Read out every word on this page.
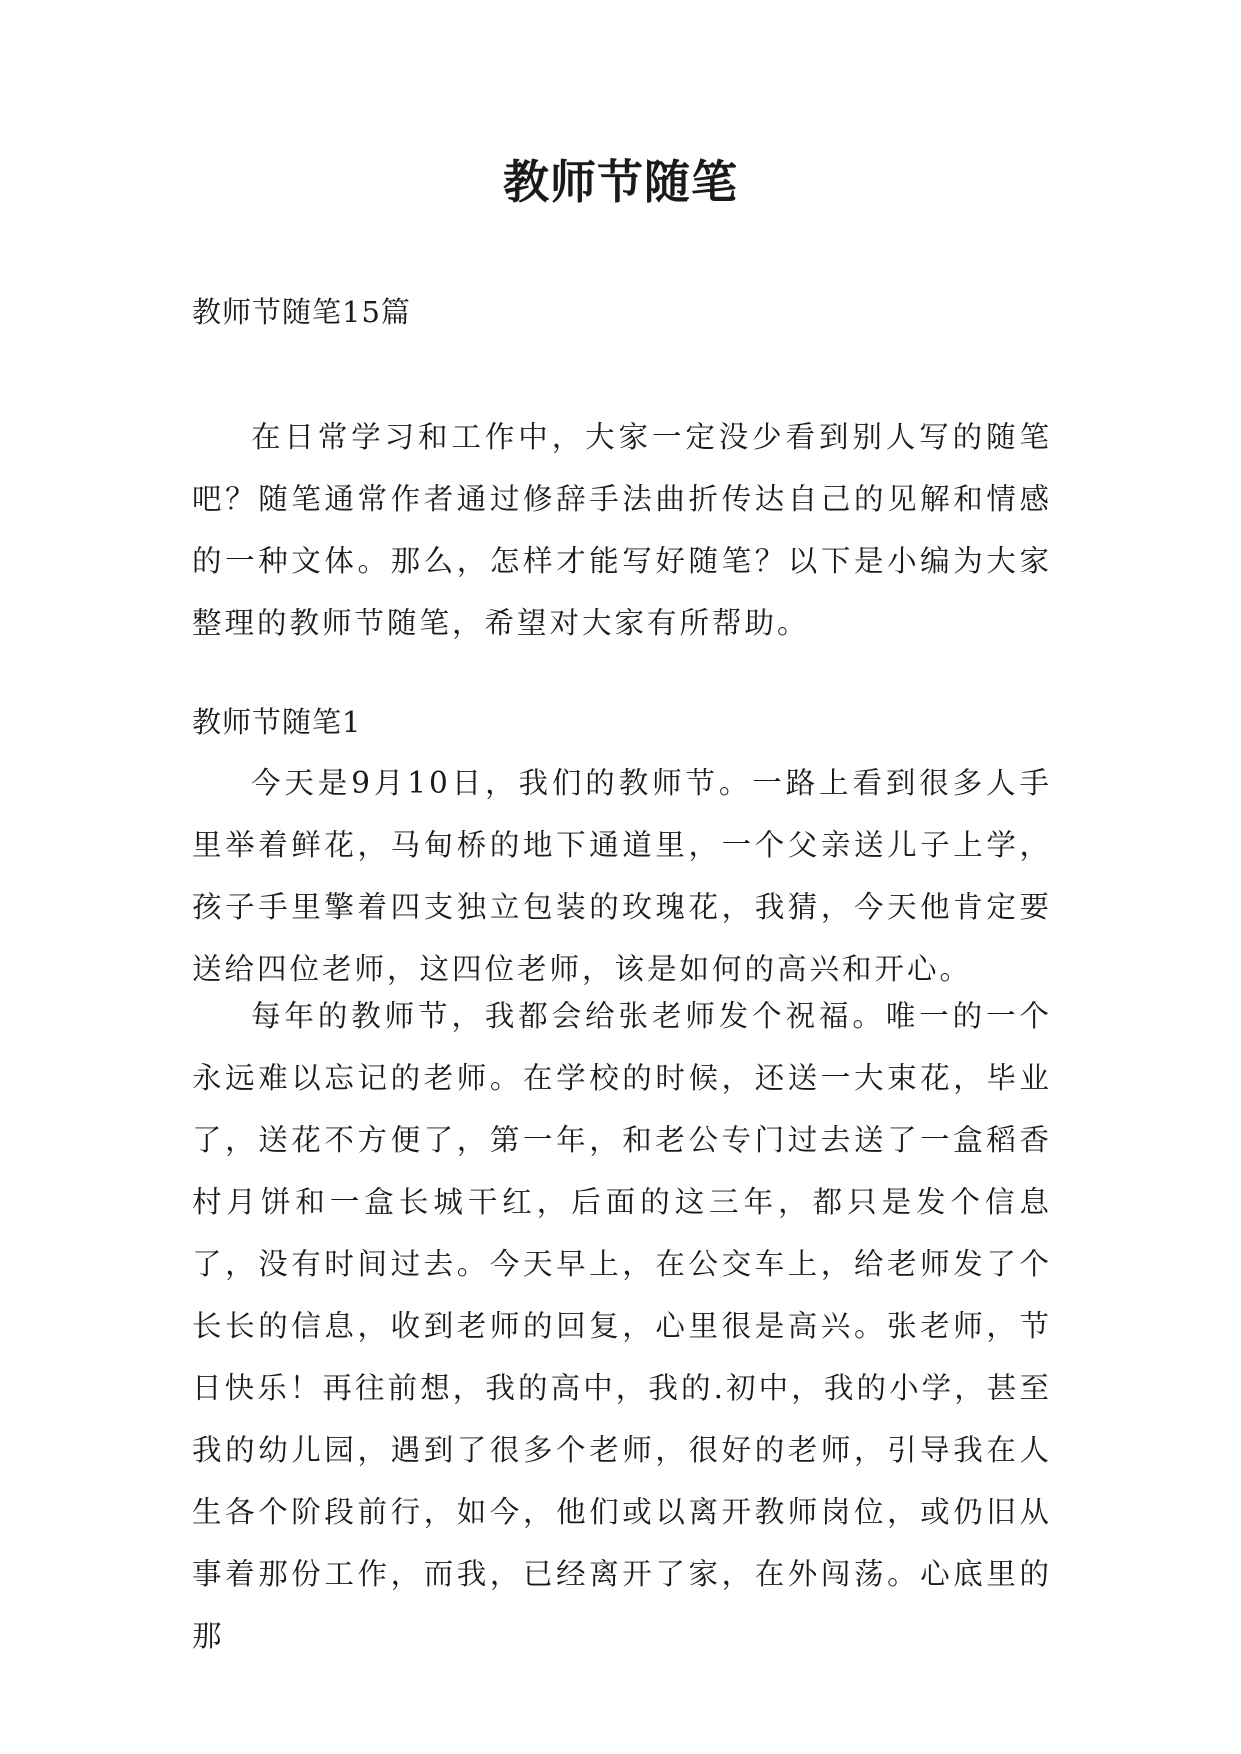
教师节随笔

教师节随笔15篇

在日常学习和工作中，大家一定没少看到别人写的随笔吧？随笔通常作者通过修辞手法曲折传达自己的见解和情感的一种文体。那么，怎样才能写好随笔？以下是小编为大家整理的教师节随笔，希望对大家有所帮助。

教师节随笔1

今天是9月10日，我们的教师节。一路上看到很多人手里举着鲜花，马甸桥的地下通道里，一个父亲送儿子上学，孩子手里擎着四支独立包装的玫瑰花，我猜，今天他肯定要送给四位老师，这四位老师，该是如何的高兴和开心。

每年的教师节，我都会给张老师发个祝福。唯一的一个永远难以忘记的老师。在学校的时候，还送一大束花，毕业了，送花不方便了，第一年，和老公专门过去送了一盒稻香村月饼和一盒长城干红，后面的这三年，都只是发个信息了，没有时间过去。今天早上，在公交车上，给老师发了个长长的信息，收到老师的回复，心里很是高兴。张老师，节日快乐！再往前想，我的高中，我的.初中，我的小学，甚至我的幼儿园，遇到了很多个老师，很好的老师，引导我在人生各个阶段前行，如今，他们或以离开教师岗位，或仍旧从事着那份工作，而我，已经离开了家，在外闯荡。心底里的那
